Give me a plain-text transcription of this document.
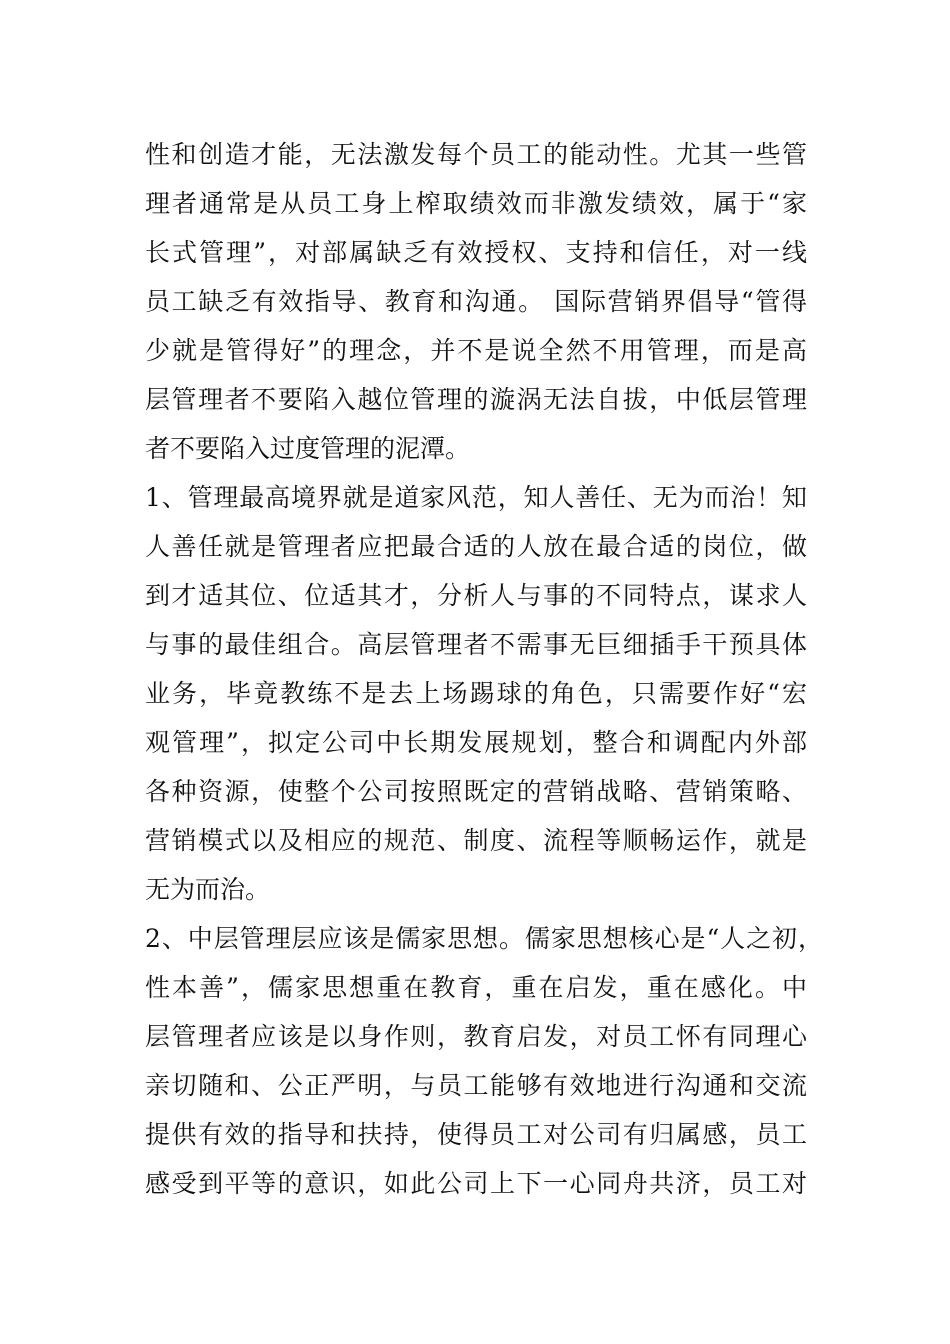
性和创造才能，无法激发每个员工的能动性。尤其一些管

理者通常是从员工身上榨取绩效而非激发绩效，属于“家

长式管理”，对部属缺乏有效授权、支持和信任，对一线

员工缺乏有效指导、教育和沟通。 国际营销界倡导“管得

少就是管得好”的理念，并不是说全然不用管理，而是高

层管理者不要陷入越位管理的漩涡无法自拔，中低层管理

者不要陷入过度管理的泥潭。

1、管理最高境界就是道家风范，知人善任、无为而治！知

人善任就是管理者应把最合适的人放在最合适的岗位，做

到才适其位、位适其才，分析人与事的不同特点，谋求人

与事的最佳组合。高层管理者不需事无巨细插手干预具体

业务，毕竟教练不是去上场踢球的角色，只需要作好“宏

观管理”，拟定公司中长期发展规划，整合和调配内外部

各种资源，使整个公司按照既定的营销战略、营销策略、

营销模式以及相应的规范、制度、流程等顺畅运作，就是

无为而治。

2、中层管理层应该是儒家思想。儒家思想核心是“人之初，

性本善”，儒家思想重在教育，重在启发，重在感化。中

层管理者应该是以身作则，教育启发，对员工怀有同理心

亲切随和、公正严明，与员工能够有效地进行沟通和交流

提供有效的指导和扶持，使得员工对公司有归属感，员工

感受到平等的意识，如此公司上下一心同舟共济，员工对
